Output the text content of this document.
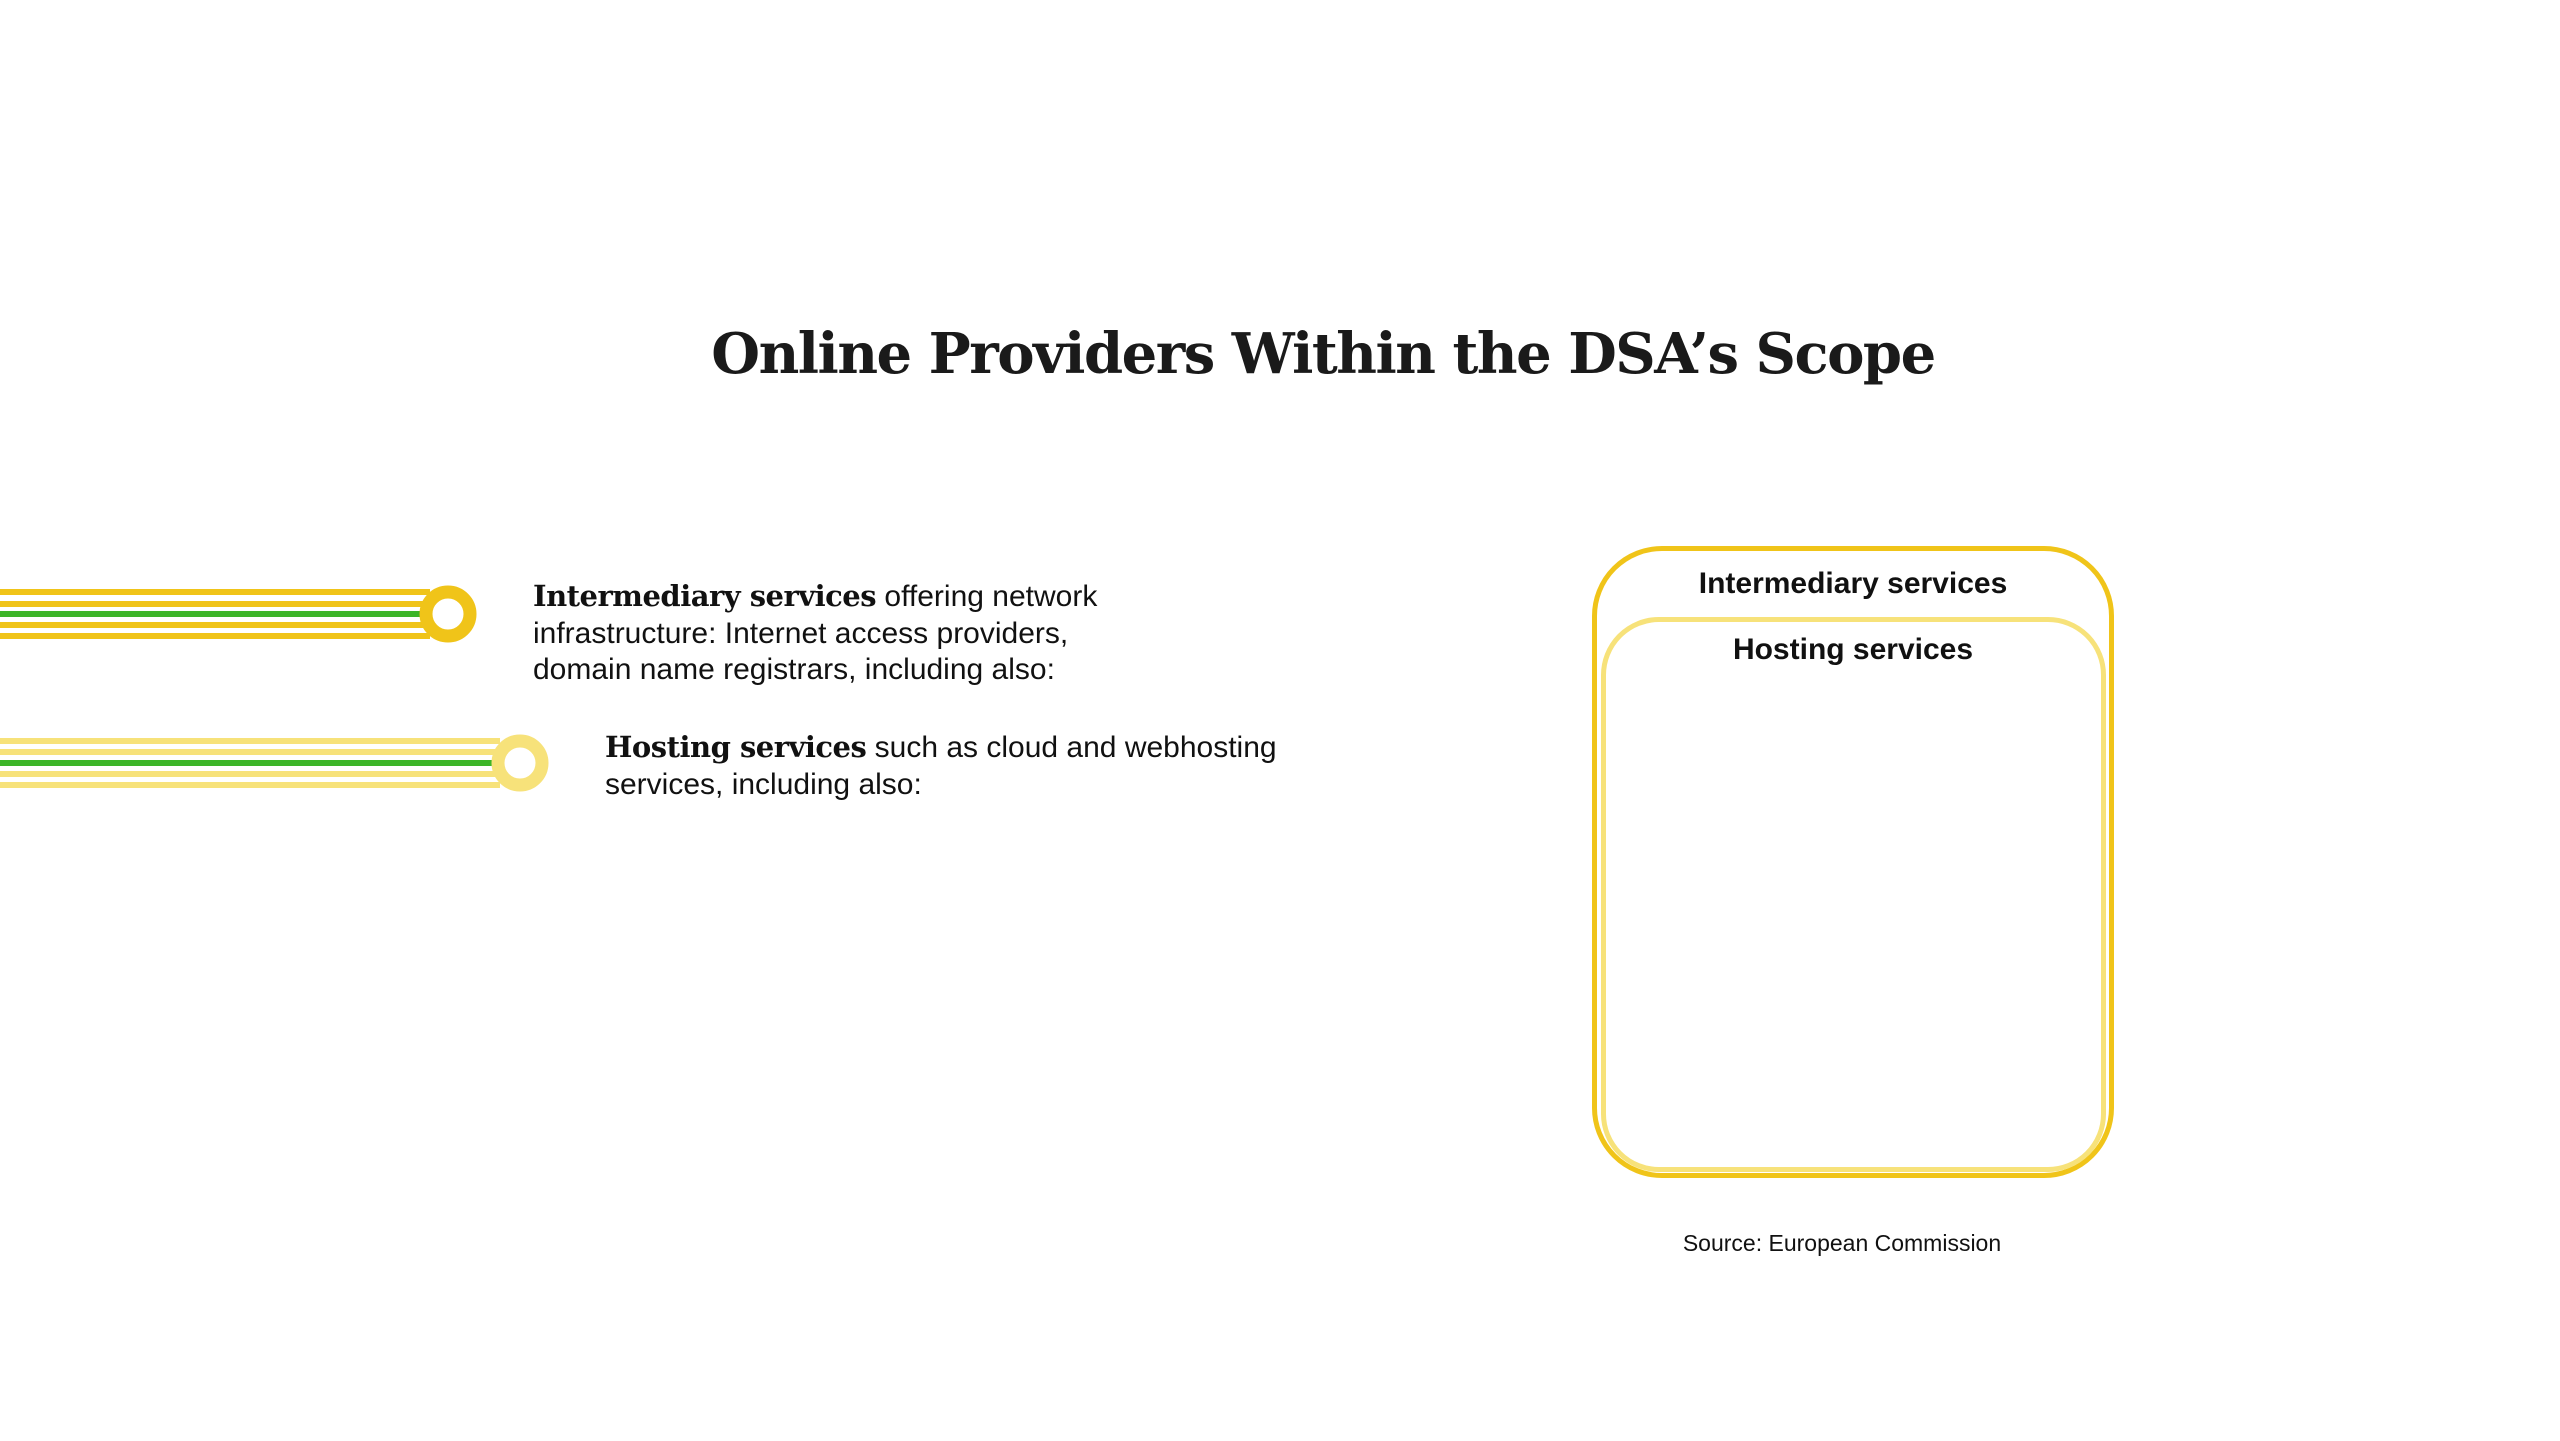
Online Providers Within the DSA’s Scope
Intermediary services offering network infrastructure: Internet access providers, domain name registrars, including also:
Hosting services such as cloud and webhosting services, including also:
Intermediary services
Hosting services
Source: European Commission
